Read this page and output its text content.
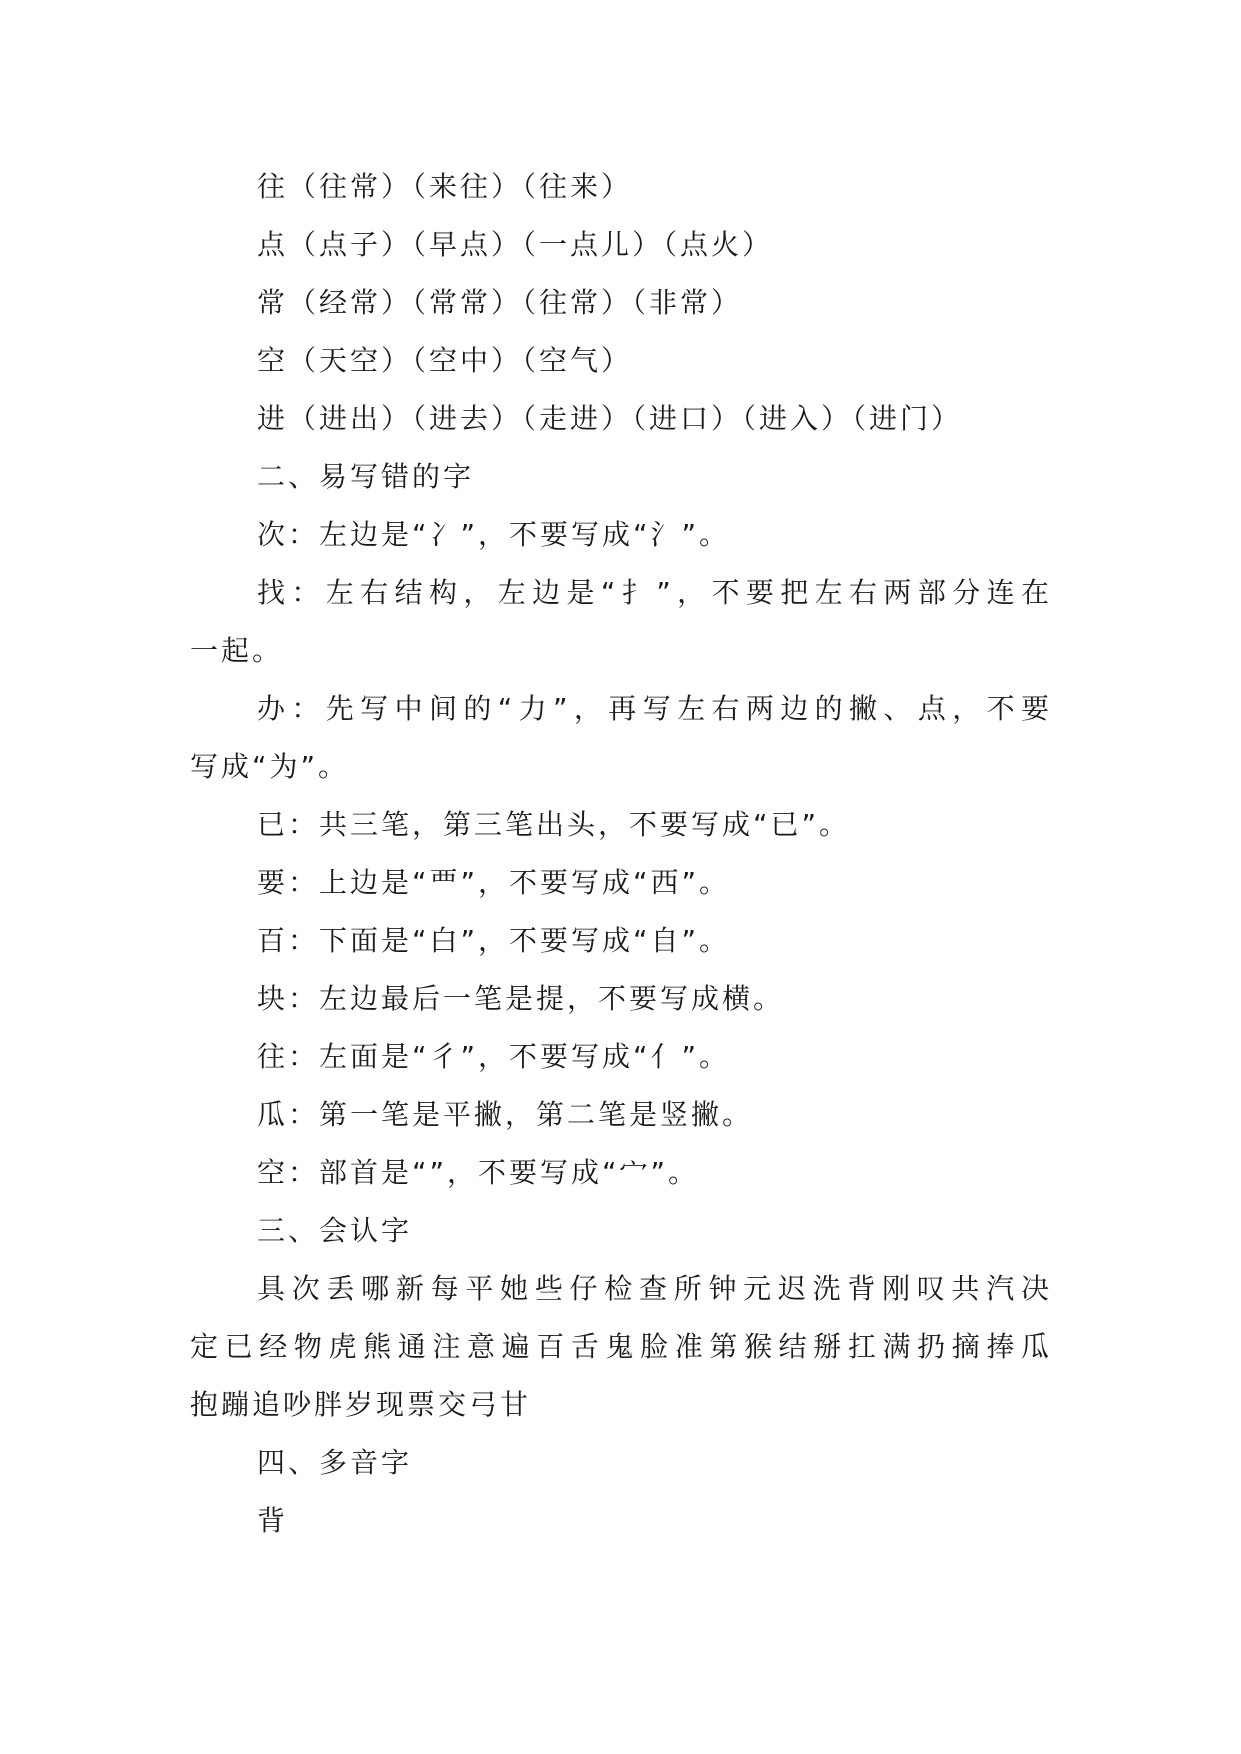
往（往常）（来往）（往来）
点（点子）（早点）（一点儿）（点火）
常（经常）（常常）（往常）（非常）
空（天空）（空中）（空气）
进（进出）（进去）（走进）（进口）（进入）（进门）
二、易写错的字
次：左边是“冫”，不要写成“氵”。
找：左右结构，左边是“扌”，不要把左右两部分连在
一起。
办：先写中间的“力”，再写左右两边的撇、点，不要
写成“为”。
已：共三笔，第三笔出头，不要写成“已”。
要：上边是“覀”，不要写成“西”。
百：下面是“白”，不要写成“自”。
块：左边最后一笔是提，不要写成横。
往：左面是“彳”，不要写成“亻”。
瓜：第一笔是平撇，第二笔是竖撇。
空：部首是“”，不要写成“宀”。
三、会认字
具次丢哪新每平她些仔检查所钟元迟洗背刚叹共汽决
定已经物虎熊通注意遍百舌鬼脸准第猴结掰扛满扔摘捧瓜
抱蹦追吵胖岁现票交弓甘
四、多音字
背
